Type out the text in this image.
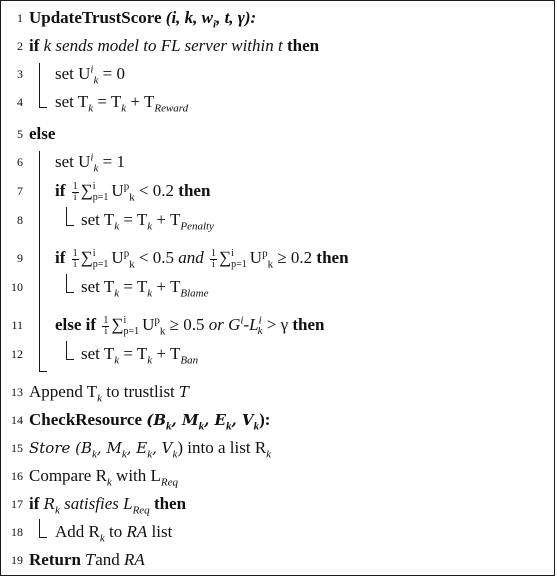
1 UpdateTrustScore (i, k, $w_i$, t, γ):
2 if k sends model to FL server within t then
3 set $U^i_k = 0$
4 set $T_k = T_k + T_{Reward}$
5 else
6 set $U^i_k = 1$
7 if $\frac{1}{i}$ ∑ i
p=1 $U^p_k < 0.2$ then
8	set $T_k = T_k + T_{Penalty}$
9 if $\frac{1}{i}$ ∑ i
p=1 $U^p_k < 0.5$ and $\frac{1}{i}$ ∑ i
p=1 $U^p_k \ge 0.2$ then
10	set $T_k = T_k + T_{Blame}$
11 else if $\frac{1}{i}$ ∑ i
p=1 $U^p_k \ge 0.5$ or $G^i-L^i_k > \gamma$ then
12	set $T_k = T_k + T_{Ban}$
13 Append $T_k$ to trustlist T
14 CheckResource ($B_k$, $M_k$, $E_k$, $V_k$):
15 Store ($B_k$, $M_k$, $E_k$, $V_k$) into a list $R_k$
16 Compare $R_k$ with $L_{Req}$
17 if $R_k$ satisfies $L_{Req}$ then
18 Add $R_k$ to RA list
19 Return Tand RA
